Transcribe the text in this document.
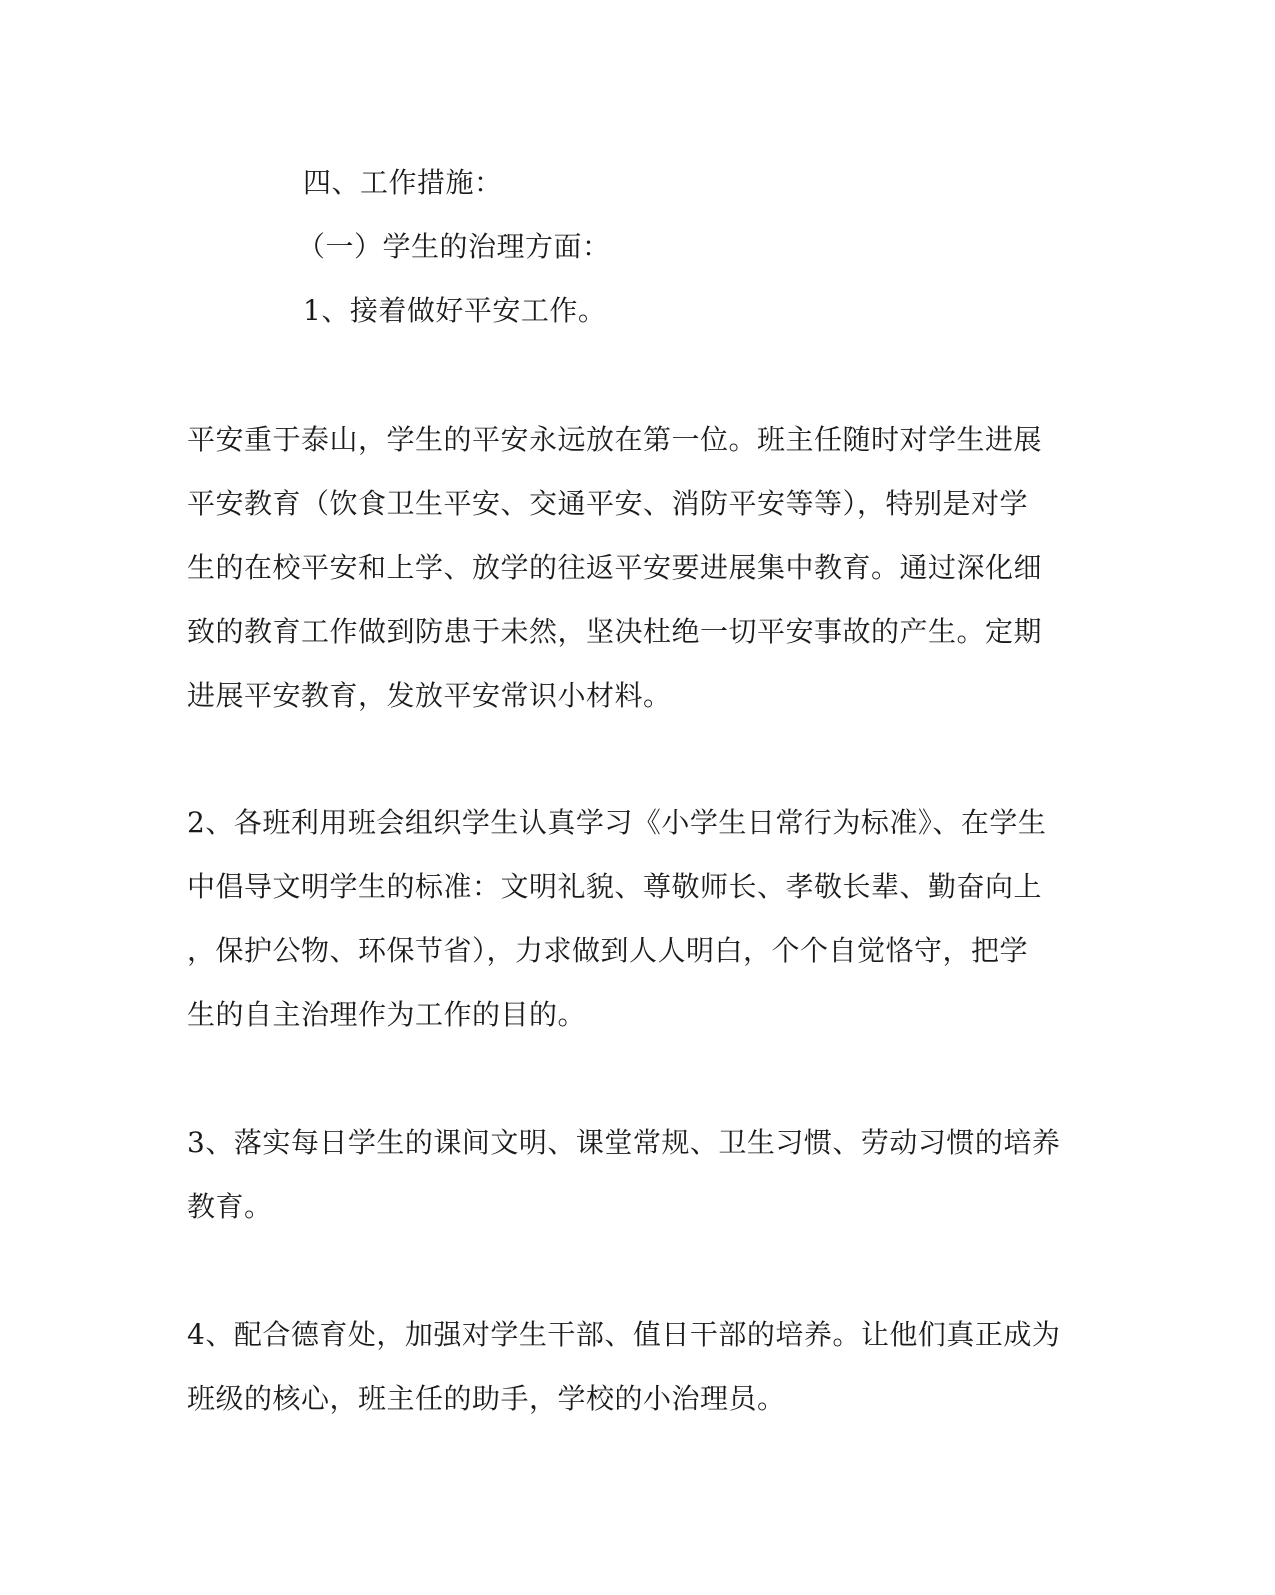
四、工作措施：
（一）学生的治理方面：
1、接着做好平安工作。
平安重于泰山，学生的平安永远放在第一位。班主任随时对学生进展
平安教育（饮食卫生平安、交通平安、消防平安等等），特别是对学
生的在校平安和上学、放学的往返平安要进展集中教育。通过深化细
致的教育工作做到防患于未然，坚决杜绝一切平安事故的产生。定期
进展平安教育，发放平安常识小材料。
2、各班利用班会组织学生认真学习《小学生日常行为标准》、在学生
中倡导文明学生的标准：文明礼貌、尊敬师长、孝敬长辈、勤奋向上
，保护公物、环保节省），力求做到人人明白，个个自觉恪守，把学
生的自主治理作为工作的目的。
3、落实每日学生的课间文明、课堂常规、卫生习惯、劳动习惯的培养
教育。
4、配合德育处，加强对学生干部、值日干部的培养。让他们真正成为
班级的核心，班主任的助手，学校的小治理员。
